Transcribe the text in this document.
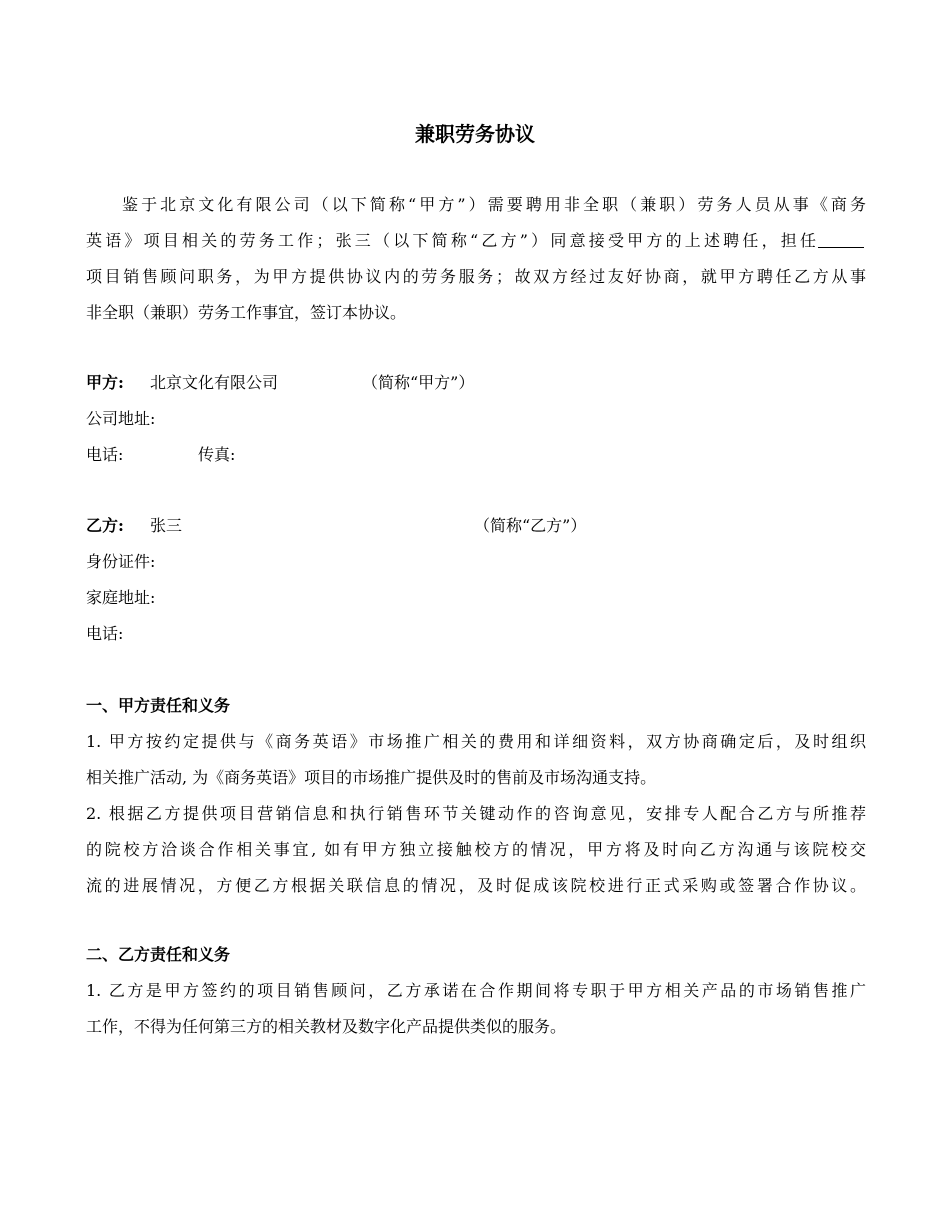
兼职劳务协议
鉴于北京文化有限公司（以下简称“甲方”）需要聘用非全职（兼职）劳务人员从事《商务
英语》项目相关的劳务工作；张三（以下简称“乙方”）同意接受甲方的上述聘任，担任
项目销售顾问职务，为甲方提供协议内的劳务服务；故双方经过友好协商，就甲方聘任乙方从事
非全职（兼职）劳务工作事宜，签订本协议。
甲方: 北京文化有限公司	（简称“甲方”）
公司地址:
电话:	传真:
乙方: 张三	（简称“乙方”）
身份证件:
家庭地址:
电话:
一、甲方责任和义务
1. 甲方按约定提供与《商务英语》市场推广相关的费用和详细资料，双方协商确定后，及时组织
相关推广活动, 为《商务英语》项目的市场推广提供及时的售前及市场沟通支持。
2. 根据乙方提供项目营销信息和执行销售环节关键动作的咨询意见，安排专人配合乙方与所推荐
的院校方洽谈合作相关事宜, 如有甲方独立接触校方的情况，甲方将及时向乙方沟通与该院校交
流的进展情况，方便乙方根据关联信息的情况，及时促成该院校进行正式采购或签署合作协议。
二、乙方责任和义务
1. 乙方是甲方签约的项目销售顾问，乙方承诺在合作期间将专职于甲方相关产品的市场销售推广
工作，不得为任何第三方的相关教材及数字化产品提供类似的服务。
